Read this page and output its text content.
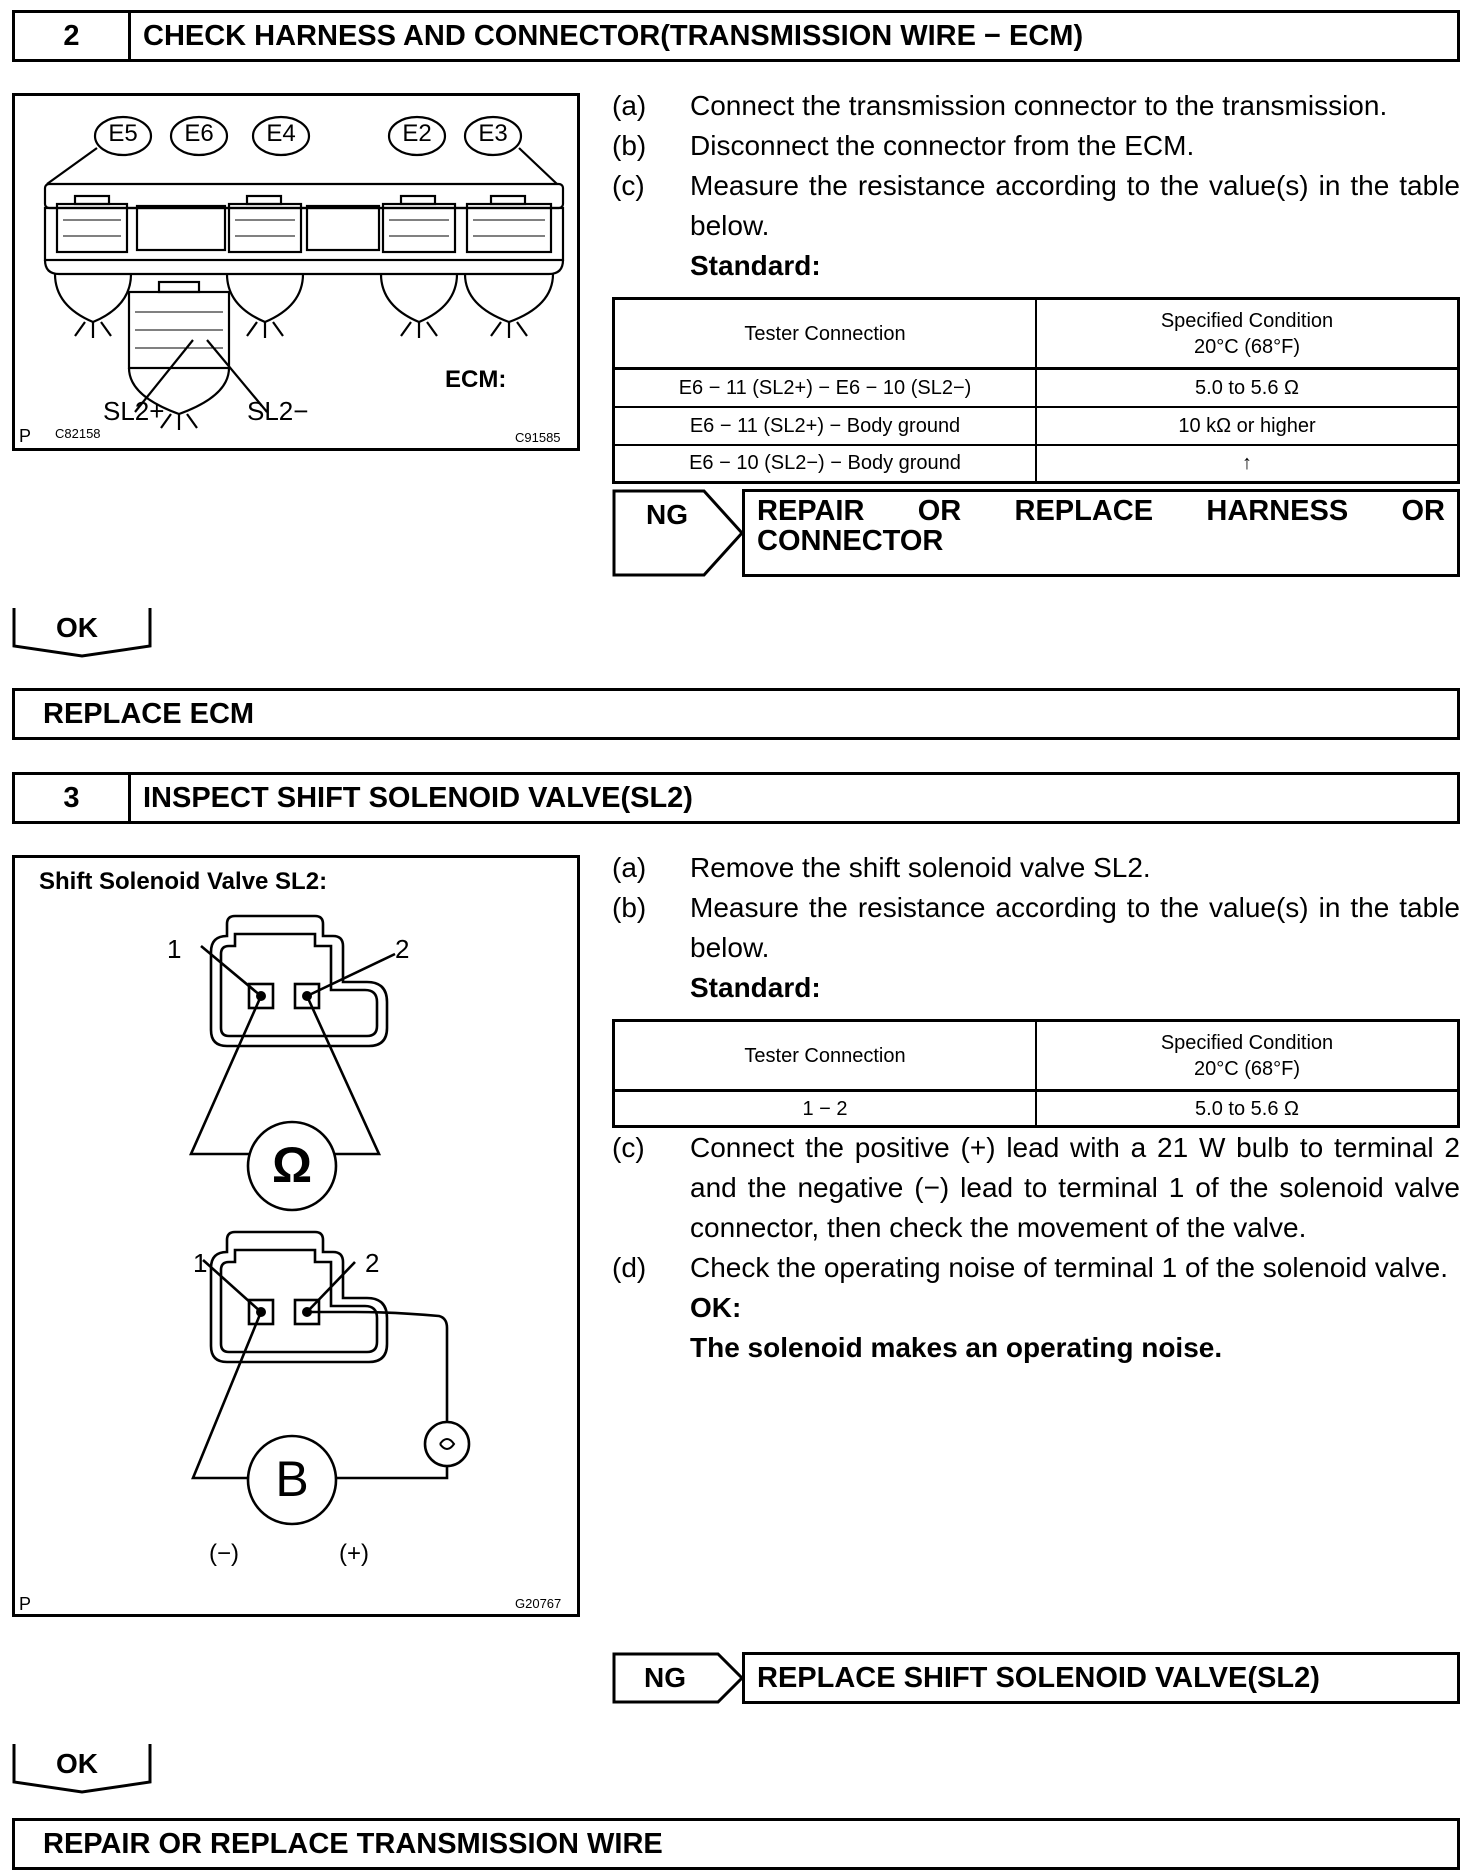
2	CHECK HARNESS AND CONNECTOR(TRANSMISSION WIRE − ECM)
E5	E6	E4	E2	E3
ECM:
SL2+	SL2−
P C82158	C91585
(a)	Connect the transmission connector to the transmission.
(b)	Disconnect the connector from the ECM.
(c)	Measure the resistance according to the value(s) in the table below.
Standard:
Tester Connection	Specified Condition
20°C (68°F)

E6 − 11 (SL2+) − E6 − 10 (SL2−)	5.0 to 5.6 Ω
E6 − 11 (SL2+) − Body ground	10 kΩ or higher
E6 − 10 (SL2−) − Body ground	↑
NG REPAIR OR REPLACE HARNESS OR
CONNECTOR
OK
REPLACE ECM
3	INSPECT SHIFT SOLENOID VALVE(SL2)
Shift Solenoid Valve SL2:
1	2
Ω
1	2
B
(−)	(+)
P	G20767
(a)	Remove the shift solenoid valve SL2.
(b)	Measure the resistance according to the value(s) in the table below.
Standard:
Tester Connection	Specified Condition
20°C (68°F)

1 − 2	5.0 to 5.6 Ω
(c)	Connect the positive (+) lead with a 21 W bulb to terminal 2 and the negative (−) lead to terminal 1 of the solenoid valve connector, then check the movement of the valve.
(d)	Check the operating noise of terminal 1 of the solenoid valve.
OK:
The solenoid makes an operating noise.
NG REPLACE SHIFT SOLENOID VALVE(SL2)
OK
REPAIR OR REPLACE TRANSMISSION WIRE
